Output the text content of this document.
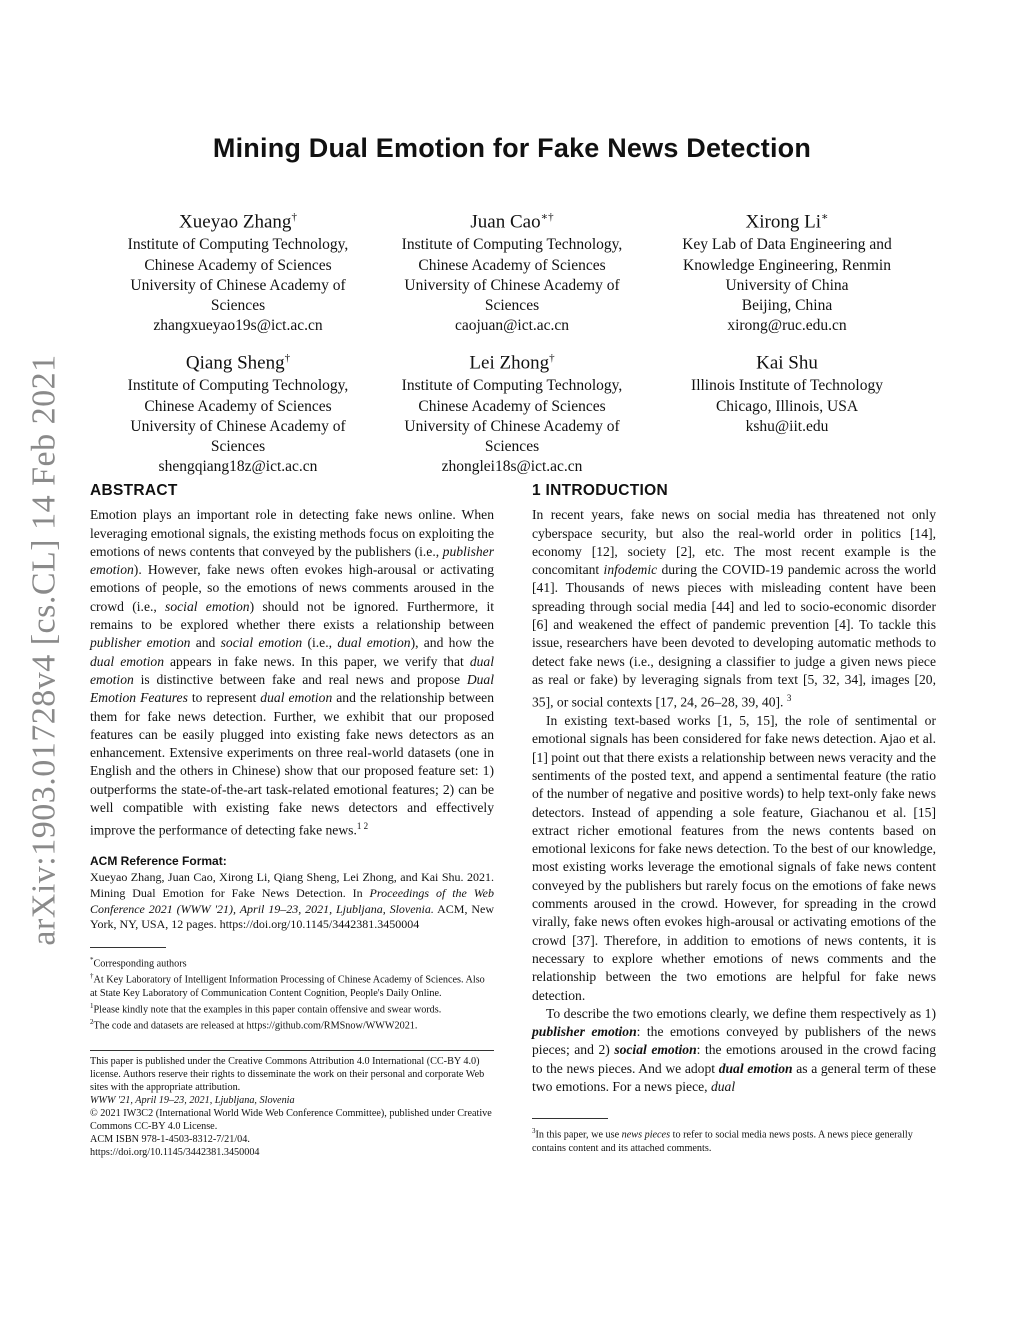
arXiv:1903.01728v4 [cs.CL] 14 Feb 2021
Mining Dual Emotion for Fake News Detection
Xueyao Zhang†
Institute of Computing Technology,
Chinese Academy of Sciences
University of Chinese Academy of
Sciences
zhangxueyao19s@ict.ac.cn
Juan Cao∗†
Institute of Computing Technology,
Chinese Academy of Sciences
University of Chinese Academy of
Sciences
caojuan@ict.ac.cn
Xirong Li∗
Key Lab of Data Engineering and
Knowledge Engineering, Renmin
University of China
Beijing, China
xirong@ruc.edu.cn
Qiang Sheng†
Institute of Computing Technology,
Chinese Academy of Sciences
University of Chinese Academy of
Sciences
shengqiang18z@ict.ac.cn
Lei Zhong†
Institute of Computing Technology,
Chinese Academy of Sciences
University of Chinese Academy of
Sciences
zhonglei18s@ict.ac.cn
Kai Shu
Illinois Institute of Technology
Chicago, Illinois, USA
kshu@iit.edu
ABSTRACT

Emotion plays an important role in detecting fake news online. When leveraging emotional signals, the existing methods focus on exploiting the emotions of news contents that conveyed by the publishers (i.e., publisher emotion). However, fake news often evokes high-arousal or activating emotions of people, so the emotions of news comments aroused in the crowd (i.e., social emotion) should not be ignored. Furthermore, it remains to be explored whether there exists a relationship between publisher emotion and social emotion (i.e., dual emotion), and how the dual emotion appears in fake news. In this paper, we verify that dual emotion is distinctive between fake and real news and propose Dual Emotion Features to represent dual emotion and the relationship between them for fake news detection. Further, we exhibit that our proposed features can be easily plugged into existing fake news detectors as an enhancement. Extensive experiments on three real-world datasets (one in English and the others in Chinese) show that our proposed feature set: 1) outperforms the state-of-the-art task-related emotional features; 2) can be well compatible with existing fake news detectors and effectively improve the performance of detecting fake news.$^{1 2}$

ACM Reference Format:

Xueyao Zhang, Juan Cao, Xirong Li, Qiang Sheng, Lei Zhong, and Kai Shu. 2021. Mining Dual Emotion for Fake News Detection. In Proceedings of the Web Conference 2021 (WWW '21), April 19–23, 2021, Ljubljana, Slovenia. ACM, New York, NY, USA, 12 pages. https://doi.org/10.1145/3442381.3450004

*Corresponding authors
†At Key Laboratory of Intelligent Information Processing of Chinese Academy of Sciences. Also at State Key Laboratory of Communication Content Cognition, People's Daily Online.
$^1$Please kindly note that the examples in this paper contain offensive and swear words.
$^2$The code and datasets are released at https://github.com/RMSnow/WWW2021.
This paper is published under the Creative Commons Attribution 4.0 International (CC-BY 4.0) license. Authors reserve their rights to disseminate the work on their personal and corporate Web sites with the appropriate attribution.
WWW '21, April 19–23, 2021, Ljubljana, Slovenia
© 2021 IW3C2 (International World Wide Web Conference Committee), published under Creative Commons CC-BY 4.0 License.
ACM ISBN 978-1-4503-8312-7/21/04.
https://doi.org/10.1145/3442381.3450004
1 INTRODUCTION

In recent years, fake news on social media has threatened not only cyberspace security, but also the real-world order in politics [14], economy [12], society [2], etc. The most recent example is the concomitant infodemic during the COVID-19 pandemic across the world [41]. Thousands of news pieces with misleading content have been spreading through social media [44] and led to socio-economic disorder [6] and weakened the effect of pandemic prevention [4]. To tackle this issue, researchers have been devoted to developing automatic methods to detect fake news (i.e., designing a classifier to judge a given news piece as real or fake) by leveraging signals from text [5, 32, 34], images [20, 35], or social contexts [17, 24, 26–28, 39, 40]. $^3$

In existing text-based works [1, 5, 15], the role of sentimental or emotional signals has been considered for fake news detection. Ajao et al. [1] point out that there exists a relationship between news veracity and the sentiments of the posted text, and append a sentimental feature (the ratio of the number of negative and positive words) to help text-only fake news detectors. Instead of appending a sole feature, Giachanou et al. [15] extract richer emotional features from the news contents based on emotional lexicons for fake news detection. To the best of our knowledge, most existing works leverage the emotional signals of fake news content conveyed by the publishers but rarely focus on the emotions of fake news comments aroused in the crowd. However, for spreading in the crowd virally, fake news often evokes high-arousal or activating emotions of the crowd [37]. Therefore, in addition to emotions of news contents, it is necessary to explore whether emotions of news comments and the relationship between the two emotions are helpful for fake news detection.

To describe the two emotions clearly, we define them respectively as 1) publisher emotion: the emotions conveyed by publishers of the news pieces; and 2) social emotion: the emotions aroused in the crowd facing to the news pieces. And we adopt dual emotion as a general term of these two emotions. For a news piece, dual

$^3$In this paper, we use news pieces to refer to social media news posts. A news piece generally contains content and its attached comments.
